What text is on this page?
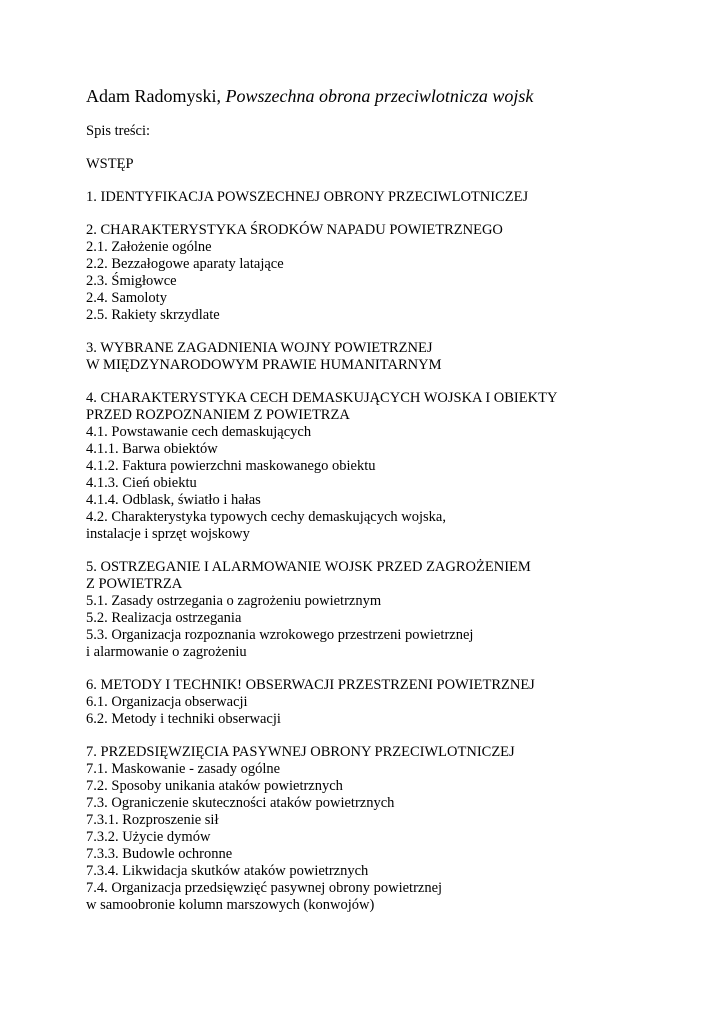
Adam Radomyski, Powszechna obrona przeciwlotnicza wojsk
Spis treści:
WSTĘP
1. IDENTYFIKACJA POWSZECHNEJ OBRONY PRZECIWLOTNICZEJ
2. CHARAKTERYSTYKA ŚRODKÓW NAPADU POWIETRZNEGO
2.1. Założenie ogólne
2.2. Bezzałogowe aparaty latające
2.3. Śmigłowce
2.4. Samoloty
2.5. Rakiety skrzydlate
3. WYBRANE ZAGADNIENIA WOJNY POWIETRZNEJ
W MIĘDZYNARODOWYM PRAWIE HUMANITARNYM
4. CHARAKTERYSTYKA CECH DEMASKUJĄCYCH WOJSKA I OBIEKTY
PRZED ROZPOZNANIEM Z POWIETRZA
4.1. Powstawanie cech demaskujących
4.1.1. Barwa obiektów
4.1.2. Faktura powierzchni maskowanego obiektu
4.1.3. Cień obiektu
4.1.4. Odblask, światło i hałas
4.2. Charakterystyka typowych cechy demaskujących wojska,
instalacje i sprzęt wojskowy
5. OSTRZEGANIE I ALARMOWANIE WOJSK PRZED ZAGROŻENIEM
Z POWIETRZA
5.1. Zasady ostrzegania o zagrożeniu powietrznym
5.2. Realizacja ostrzegania
5.3. Organizacja rozpoznania wzrokowego przestrzeni powietrznej
i alarmowanie o zagrożeniu
6. METODY I TECHNIK! OBSERWACJI PRZESTRZENI POWIETRZNEJ
6.1. Organizacja obserwacji
6.2. Metody i techniki obserwacji
7. PRZEDSIĘWZIĘCIA PASYWNEJ OBRONY PRZECIWLOTNICZEJ
7.1. Maskowanie - zasady ogólne
7.2. Sposoby unikania ataków powietrznych
7.3. Ograniczenie skuteczności ataków powietrznych
7.3.1. Rozproszenie sił
7.3.2. Użycie dymów
7.3.3. Budowle ochronne
7.3.4. Likwidacja skutków ataków powietrznych
7.4. Organizacja przedsięwzięć pasywnej obrony powietrznej
w samoobronie kolumn marszowych (konwojów)
